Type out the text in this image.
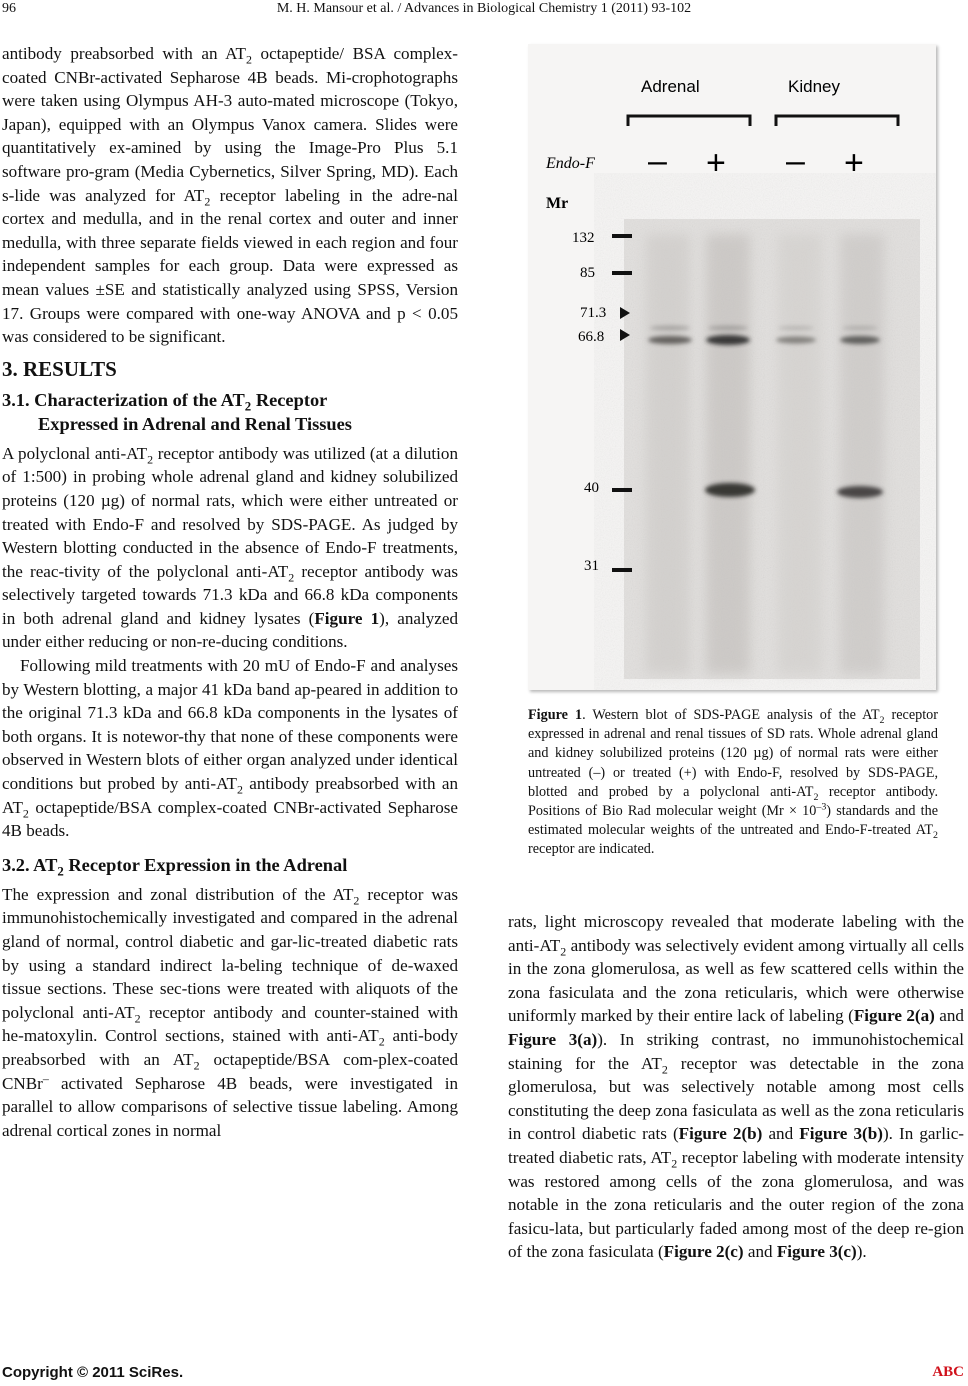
96	M. H. Mansour et al. / Advances in Biological Chemistry 1 (2011) 93-102

antibody preabsorbed with an $AT_2$ octapeptide/ BSA complex-coated CNBr-activated Sepharose 4B beads. Mi-crophotographs were taken using Olympus AH-3 auto-mated microscope (Tokyo, Japan), equipped with an Olympus Vanox camera. Slides were quantitatively ex-amined by using the Image-Pro Plus 5.1 software pro-gram (Media Cybernetics, Silver Spring, MD). Each s-lide was analyzed for $AT_2$ receptor labeling in the adre-nal cortex and medulla, and in the renal cortex and outer and inner medulla, with three separate fields viewed in each region and four independent samples for each group. Data were expressed as mean values ±SE and statistically analyzed using SPSS, Version 17. Groups were compared with one-way ANOVA and p < 0.05 was considered to be significant.

3. RESULTS
3.1. Characterization of the $AT_2$ Receptor
Expressed in Adrenal and Renal Tissues

A polyclonal anti-$AT_2$ receptor antibody was utilized (at a dilution of 1:500) in probing whole adrenal gland and kidney solubilized proteins (120 µg) of normal rats, which were either untreated or treated with Endo-F and resolved by SDS-PAGE. As judged by Western blotting conducted in the absence of Endo-F treatments, the reac-tivity of the polyclonal anti-$AT_2$ receptor antibody was selectively targeted towards 71.3 kDa and 66.8 kDa components in both adrenal gland and kidney lysates (Figure 1), analyzed under either reducing or non-re-ducing conditions.

Following mild treatments with 20 mU of Endo-F and analyses by Western blotting, a major 41 kDa band ap-peared in addition to the original 71.3 kDa and 66.8 kDa components in the lysates of both organs. It is notewor-thy that none of these components were observed in Western blots of either organ analyzed under identical conditions but probed by anti-$AT_2$ antibody preabsorbed with an $AT_2$ octapeptide/BSA complex-coated CNBr-activated Sepharose 4B beads.

3.2. $AT_2$ Receptor Expression in the Adrenal

The expression and zonal distribution of the $AT_2$ receptor was immunohistochemically investigated and compared in the adrenal gland of normal, control diabetic and gar-lic-treated diabetic rats by using a standard indirect la-beling technique of de-waxed tissue sections. These sec-tions were treated with aliquots of the polyclonal anti-$AT_2$ receptor antibody and counter-stained with he-matoxylin. Control sections, stained with anti-$AT_2$ anti-body preabsorbed with an $AT_2$ octapeptide/BSA com-plex-coated CNBr– activated Sepharose 4B beads, were investigated in parallel to allow comparisons of selective tissue labeling. Among adrenal cortical zones in normal

Adrenal	Kidney
Endo-F – + – +
Mr
132
85
71.3
66.8
40
31
Figure 1. Western blot of SDS-PAGE analysis of the $AT_2$ receptor expressed in adrenal and renal tissues of SD rats. Whole adrenal gland and kidney solubilized proteins (120 µg) of normal rats were either untreated (–) or treated (+) with Endo-F, resolved by SDS-PAGE, blotted and probed by a polyclonal anti-$AT_2$ receptor antibody. Positions of Bio Rad molecular weight $(Mr \times 10^{-3})$ standards and the estimated molecular weights of the untreated and Endo-F-treated $AT_2$ receptor are indicated.

rats, light microscopy revealed that moderate labeling with the anti-$AT_2$ antibody was selectively evident among virtually all cells in the zona glomerulosa, as well as few scattered cells within the zona fasiculata and the zona reticularis, which were otherwise uniformly marked by their entire lack of labeling (Figure 2(a) and Figure 3(a)). In striking contrast, no immunohistochemical staining for the $AT_2$ receptor was detectable in the zona glomerulosa, but was selectively notable among most cells constituting the deep zona fasiculata as well as the zona reticularis in control diabetic rats (Figure 2(b) and Figure 3(b)). In garlic-treated diabetic rats, $AT_2$ receptor labeling with moderate intensity was restored among cells of the zona glomerulosa, and was notable in the zona reticularis and the outer region of the zona fasicu-lata, but particularly faded among most of the deep re-gion of the zona fasiculata (Figure 2(c) and Figure 3(c)).

Copyright © 2011 SciRes.	ABC
